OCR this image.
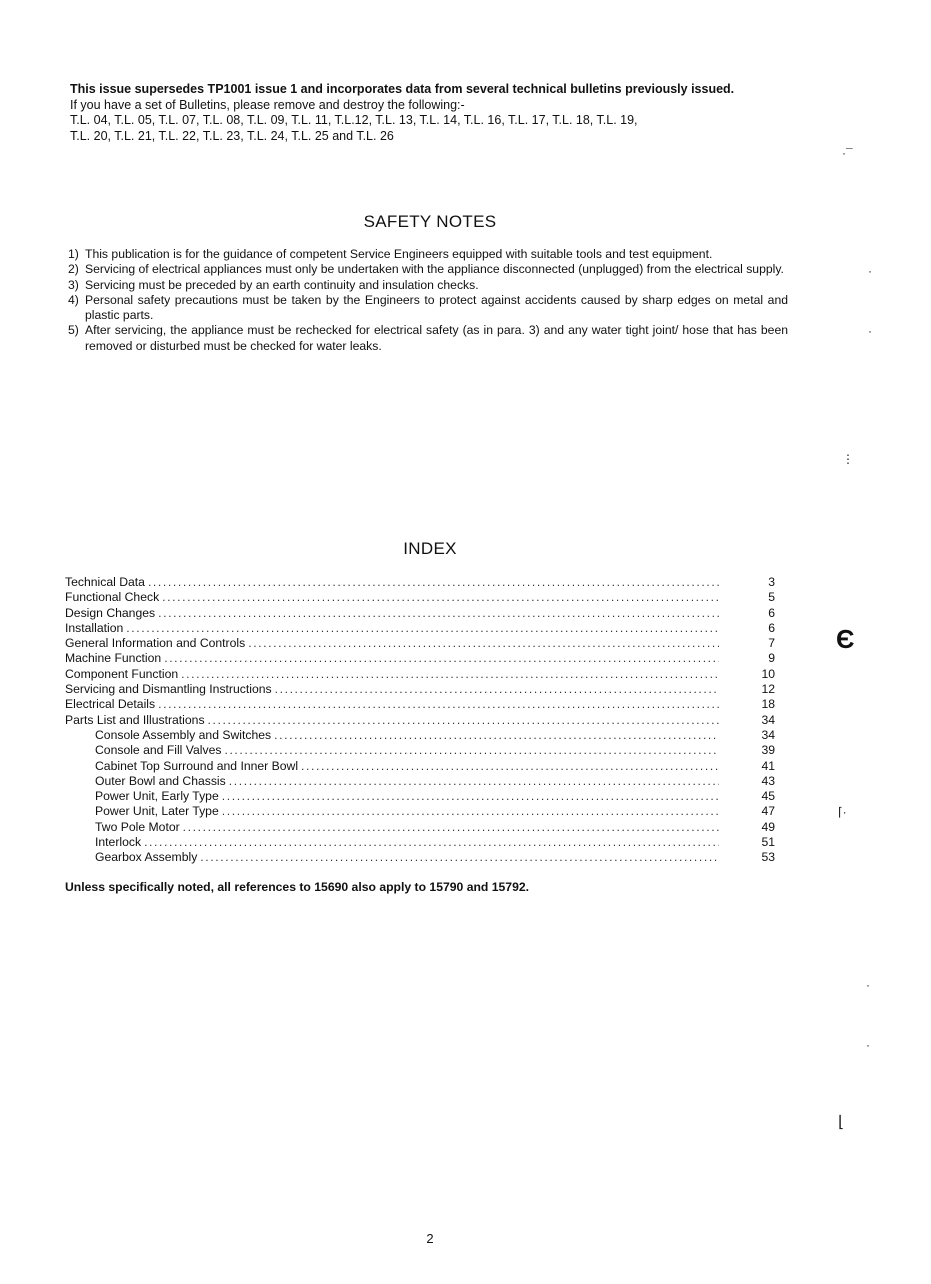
This issue supersedes TP1001 issue 1 and incorporates data from several technical bulletins previously issued.

If you have a set of Bulletins, please remove and destroy the following:-

T.L. 04, T.L. 05, T.L. 07, T.L. 08, T.L. 09, T.L. 11, T.L.12, T.L. 13, T.L. 14, T.L. 16, T.L. 17, T.L. 18, T.L. 19,

T.L. 20, T.L. 21, T.L. 22, T.L. 23, T.L. 24, T.L. 25 and T.L. 26

SAFETY NOTES
1) This publication is for the guidance of competent Service Engineers equipped with suitable tools and test equipment.
2) Servicing of electrical appliances must only be undertaken with the appliance disconnected (unplugged) from the electrical supply.
3) Servicing must be preceded by an earth continuity and insulation checks.
4) Personal safety precautions must be taken by the Engineers to protect against accidents caused by sharp edges on metal and plastic parts.
5) After servicing, the appliance must be rechecked for electrical safety (as in para. 3) and any water tight joint/ hose that has been removed or disturbed must be checked for water leaks.
INDEX
Technical Data .....	3
Functional Check .....	5
Design Changes .....	6
Installation .....	6
General Information and Controls .....	7
Machine Function .....	9
Component Function .....	10
Servicing and Dismantling Instructions .....	12
Electrical Details .....	18
Parts List and Illustrations .....	34
Console Assembly and Switches .....	34
Console and Fill Valves .....	39
Cabinet Top Surround and Inner Bowl .....	41
Outer Bowl and Chassis .....	43
Power Unit, Early Type .....	45
Power Unit, Later Type .....	47
Two Pole Motor .....	49
Interlock .....	51
Gearbox Assembly .....	53
Unless specifically noted, all references to 15690 also apply to 15790 and 15792.
2
·¯
·
·
⋮
Є
⌈·
·
·
⌊
